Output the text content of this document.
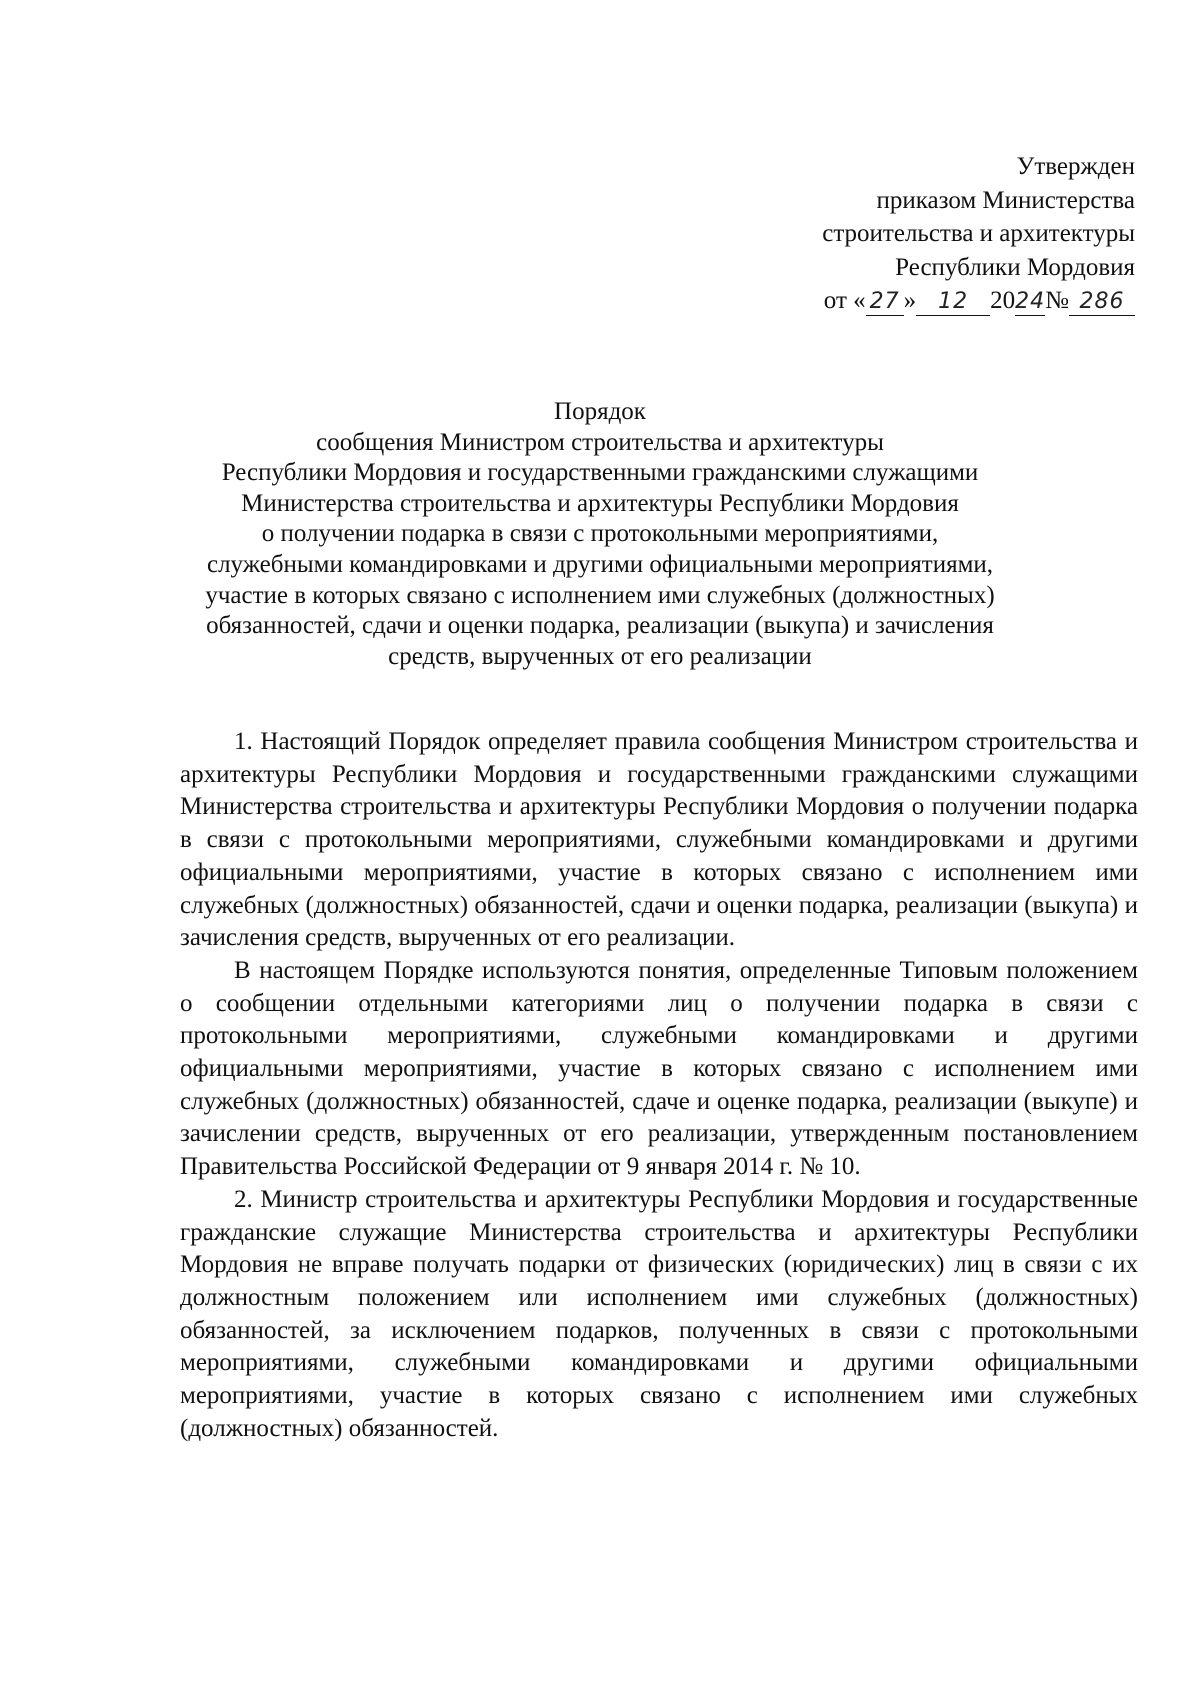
Утвержден
приказом Министерства
строительства и архитектуры
Республики Мордовия
от « 27 » 12 2024№ 286
Порядок
сообщения Министром строительства и архитектуры
Республики Мордовия и государственными гражданскими служащими
Министерства строительства и архитектуры Республики Мордовия
о получении подарка в связи с протокольными мероприятиями,
служебными командировками и другими официальными мероприятиями,
участие в которых связано с исполнением ими служебных (должностных)
обязанностей, сдачи и оценки подарка, реализации (выкупа) и зачисления
средств, вырученных от его реализации

1. Настоящий Порядок определяет правила сообщения Министром строительства и архитектуры Республики Мордовия и государственными гражданскими служащими Министерства строительства и архитектуры Республики Мордовия о получении подарка в связи с протокольными мероприятиями, служебными командировками и другими официальными мероприятиями, участие в которых связано с исполнением ими служебных (должностных) обязанностей, сдачи и оценки подарка, реализации (выкупа) и зачисления средств, вырученных от его реализации.

В настоящем Порядке используются понятия, определенные Типовым положением о сообщении отдельными категориями лиц о получении подарка в связи с протокольными мероприятиями, служебными командировками и другими официальными мероприятиями, участие в которых связано с исполнением ими служебных (должностных) обязанностей, сдаче и оценке подарка, реализации (выкупе) и зачислении средств, вырученных от его реализации, утвержденным постановлением Правительства Российской Федерации от 9 января 2014 г. № 10.

2. Министр строительства и архитектуры Республики Мордовия и государственные гражданские служащие Министерства строительства и архитектуры Республики Мордовия не вправе получать подарки от физических (юридических) лиц в связи с их должностным положением или исполнением ими служебных (должностных) обязанностей, за исключением подарков, полученных в связи с протокольными мероприятиями, служебными командировками и другими официальными мероприятиями, участие в которых связано с исполнением ими служебных (должностных) обязанностей.
